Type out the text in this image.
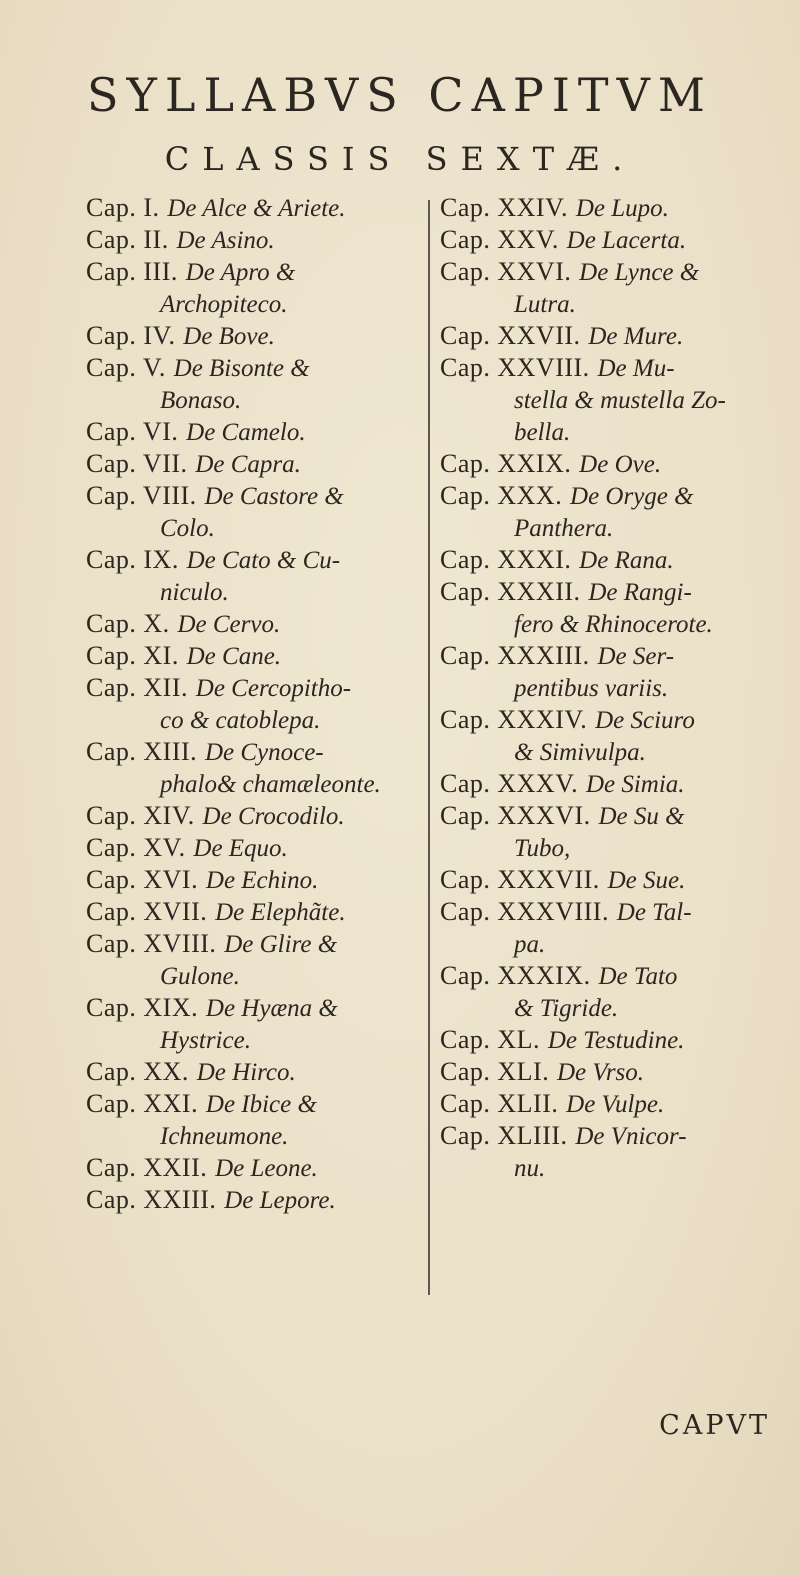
SYLLABVS CAPITVM
CLASSIS SEXTÆ.
Cap. I. De Alce & Ariete.
Cap. II. De Asino.
Cap. III. De Apro &
Archopiteco.
Cap. IV. De Bove.
Cap. V. De Bisonte &
Bonaso.
Cap. VI. De Camelo.
Cap. VII. De Capra.
Cap. VIII. De Castore &
Colo.
Cap. IX. De Cato & Cu-
niculo.
Cap. X. De Cervo.
Cap. XI. De Cane.
Cap. XII. De Cercopitho-
co & catoblepa.
Cap. XIII. De Cynoce-
phalo& chamæleonte.
Cap. XIV. De Crocodilo.
Cap. XV. De Equo.
Cap. XVI. De Echino.
Cap. XVII. De Elephãte.
Cap. XVIII. De Glire &
Gulone.
Cap. XIX. De Hyæna &
Hystrice.
Cap. XX. De Hirco.
Cap. XXI. De Ibice &
Ichneumone.
Cap. XXII. De Leone.
Cap. XXIII. De Lepore.
Cap. XXIV. De Lupo.
Cap. XXV. De Lacerta.
Cap. XXVI. De Lynce &
Lutra.
Cap. XXVII. De Mure.
Cap. XXVIII. De Mu-
stella & mustella Zo-
bella.
Cap. XXIX. De Ove.
Cap. XXX. De Oryge &
Panthera.
Cap. XXXI. De Rana.
Cap. XXXII. De Rangi-
fero & Rhinocerote.
Cap. XXXIII. De Ser-
pentibus variis.
Cap. XXXIV. De Sciuro
& Simivulpa.
Cap. XXXV. De Simia.
Cap. XXXVI. De Su &
Tubo,
Cap. XXXVII. De Sue.
Cap. XXXVIII. De Tal-
pa.
Cap. XXXIX. De Tato
& Tigride.
Cap. XL. De Testudine.
Cap. XLI. De Vrso.
Cap. XLII. De Vulpe.
Cap. XLIII. De Vnicor-
nu.
CAPVT
